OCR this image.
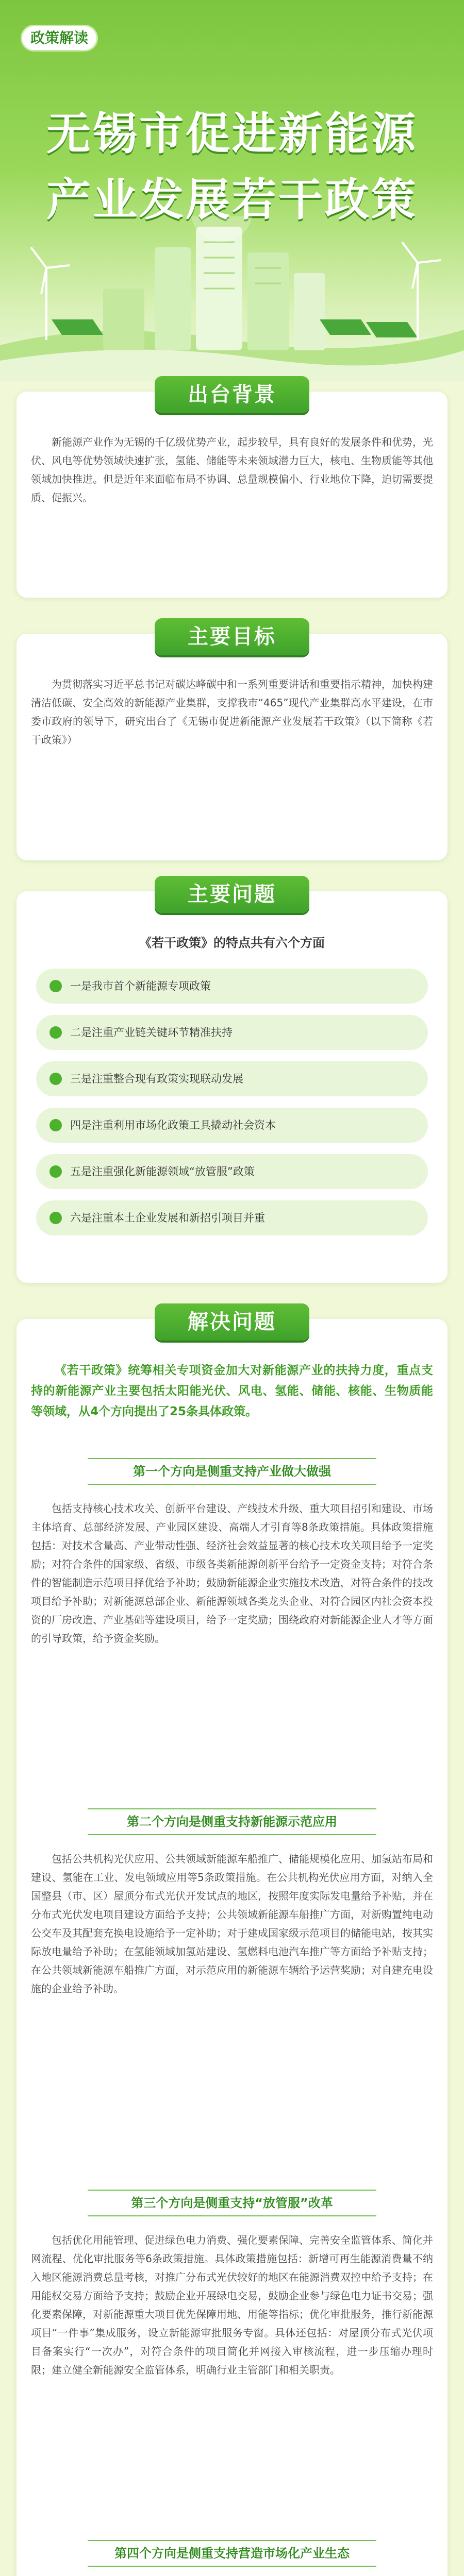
政策解读
无锡市促进新能源
产业发展若干政策
出台背景
新能源产业作为无锡的千亿级优势产业，起步较早，具有良好的发展条件和优势，光伏、风电等优势领域快速扩张，氢能、储能等未来领域潜力巨大，核电、生物质能等其他领域加快推进。但是近年来面临布局不协调、总量规模偏小、行业地位下降，迫切需要提质、促振兴。
主要目标
为贯彻落实习近平总书记对碳达峰碳中和一系列重要讲话和重要指示精神，加快构建清洁低碳、安全高效的新能源产业集群，支撑我市“465”现代产业集群高水平建设，在市委市政府的领导下，研究出台了《无锡市促进新能源产业发展若干政策》（以下简称《若干政策》）
主要问题
《若干政策》的特点共有六个方面
一是我市首个新能源专项政策
二是注重产业链关键环节精准扶持
三是注重整合现有政策实现联动发展
四是注重利用市场化政策工具撬动社会资本
五是注重强化新能源领域“放管服”政策
六是注重本土企业发展和新招引项目并重
解决问题
《若干政策》统筹相关专项资金加大对新能源产业的扶持力度，重点支持的新能源产业主要包括太阳能光伏、风电、氢能、储能、核能、生物质能等领域，从4个方向提出了25条具体政策。
第一个方向是侧重支持产业做大做强
包括支持核心技术攻关、创新平台建设、产线技术升级、重大项目招引和建设、市场主体培育、总部经济发展、产业园区建设、高端人才引育等8条政策措施。具体政策措施包括：对技术含量高、产业带动性强、经济社会效益显著的核心技术攻关项目给予一定奖励；对符合条件的国家级、省级、市级各类新能源创新平台给予一定资金支持；对符合条件的智能制造示范项目择优给予补助；鼓励新能源企业实施技术改造，对符合条件的技改项目给予补助；对新能源总部企业、新能源领域各类龙头企业、对符合园区内社会资本投资的厂房改造、产业基础等建设项目，给予一定奖励；围绕政府对新能源企业人才等方面的引导政策，给予资金奖励。
第二个方向是侧重支持新能源示范应用
包括公共机构光伏应用、公共领域新能源车船推广、储能规模化应用、加氢站布局和建设、氢能在工业、发电领域应用等5条政策措施。在公共机构光伏应用方面，对纳入全国整县（市、区）屋顶分布式光伏开发试点的地区，按照年度实际发电量给予补贴，并在分布式光伏发电项目建设方面给予支持；公共领域新能源车船推广方面，对新购置纯电动公交车及其配套充换电设施给予一定补助；对于建成国家级示范项目的储能电站，按其实际放电量给予补助；在氢能领域加氢站建设、氢燃料电池汽车推广等方面给予补贴支持；在公共领域新能源车船推广方面，对示范应用的新能源车辆给予运营奖励；对自建充电设施的企业给予补助。
第三个方向是侧重支持“放管服”改革
包括优化用能管理、促进绿色电力消费、强化要素保障、完善安全监管体系、简化并网流程、优化审批服务等6条政策措施。具体政策措施包括：新增可再生能源消费量不纳入地区能源消费总量考核，对推广分布式光伏较好的地区在能源消费双控中给予支持；在用能权交易方面给予支持；鼓励企业开展绿电交易，鼓励企业参与绿色电力证书交易；强化要素保障，对新能源重大项目优先保障用地、用能等指标；优化审批服务，推行新能源项目“一件事”集成服务，设立新能源审批服务专窗。具体还包括：对屋顶分布式光伏项目备案实行“一次办”，对符合条件的项目简化并网接入审核流程，进一步压缩办理时限；建立健全新能源安全监管体系，明确行业主管部门和相关职责。
第四个方向是侧重支持营造市场化产业生态
